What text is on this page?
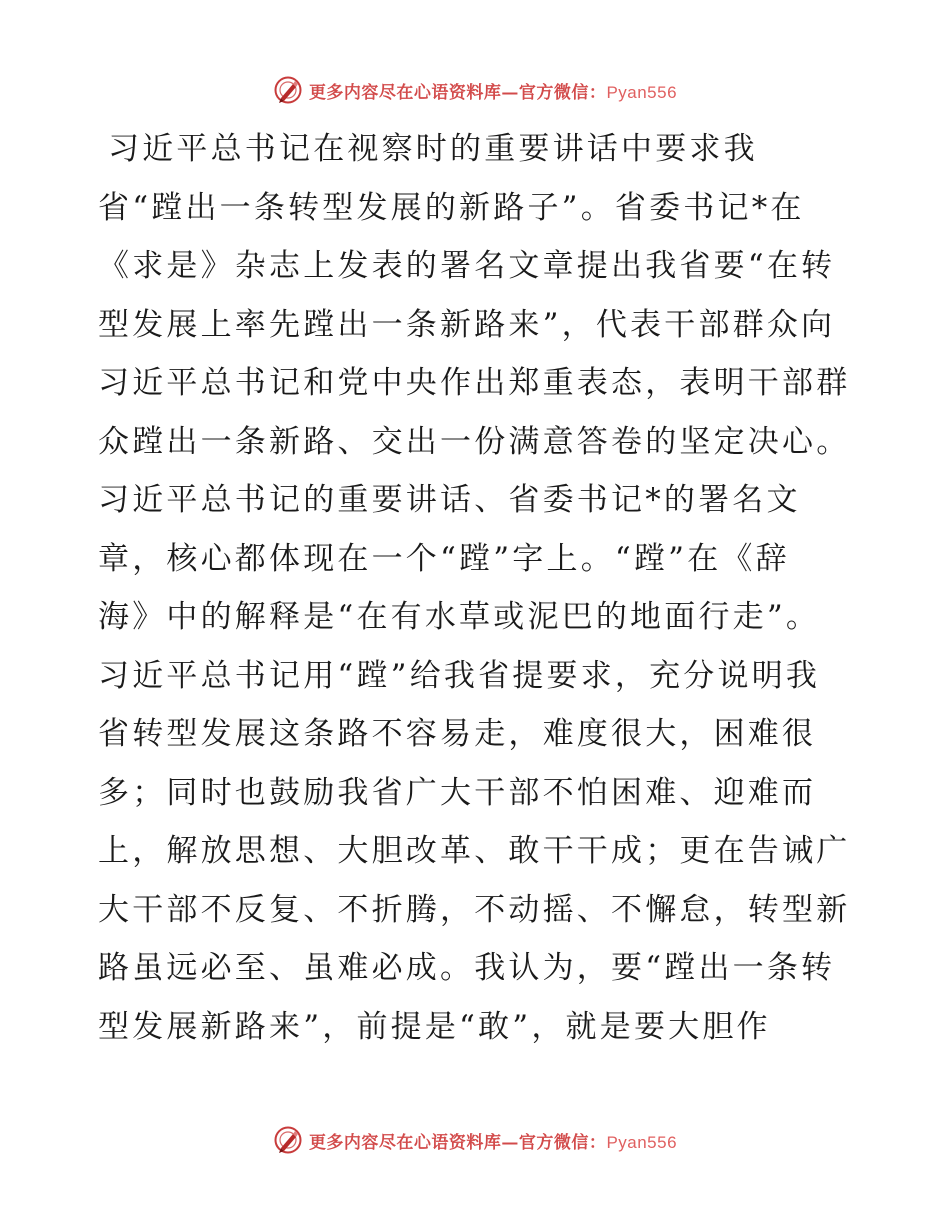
更多内容尽在心语资料库—官方微信：Pyan556
习近平总书记在视察时的重要讲话中要求我
省“蹚出一条转型发展的新路子”。省委书记*在
《求是》杂志上发表的署名文章提出我省要“在转
型发展上率先蹚出一条新路来”，代表干部群众向
习近平总书记和党中央作出郑重表态，表明干部群
众蹚出一条新路、交出一份满意答卷的坚定决心。
习近平总书记的重要讲话、省委书记*的署名文
章，核心都体现在一个“蹚”字上。“蹚”在《辞
海》中的解释是“在有水草或泥巴的地面行走”。
习近平总书记用“蹚”给我省提要求，充分说明我
省转型发展这条路不容易走，难度很大，困难很
多；同时也鼓励我省广大干部不怕困难、迎难而
上，解放思想、大胆改革、敢干干成；更在告诫广
大干部不反复、不折腾，不动摇、不懈怠，转型新
路虽远必至、虽难必成。我认为，要“蹚出一条转
型发展新路来”，前提是“敢”，就是要大胆作
更多内容尽在心语资料库—官方微信：Pyan556
